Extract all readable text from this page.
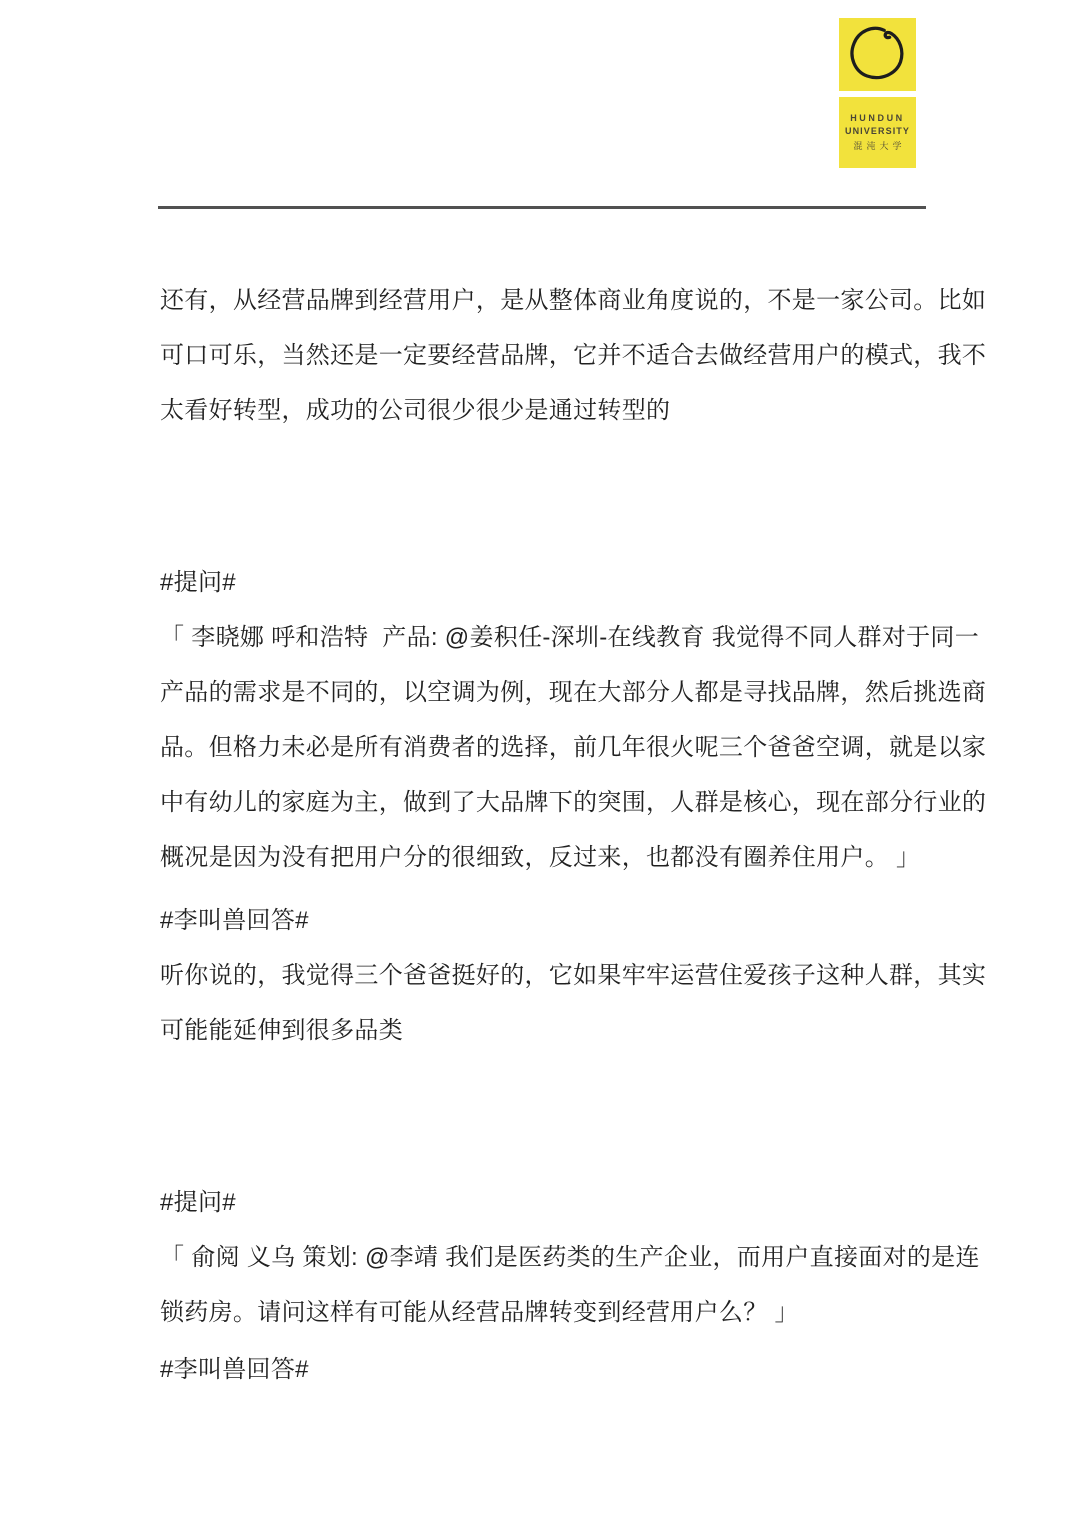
HUNDUN
UNIVERSITY
混沌大学
还有，从经营品牌到经营用户，是从整体商业角度说的，不是一家公司。比如
可口可乐，当然还是一定要经营品牌，它并不适合去做经营用户的模式，我不
太看好转型，成功的公司很少很少是通过转型的
#提问#
「 李晓娜 呼和浩特  产品: @姜积任-深圳-在线教育 我觉得不同人群对于同一
产品的需求是不同的，以空调为例，现在大部分人都是寻找品牌，然后挑选商
品。但格力未必是所有消费者的选择，前几年很火呢三个爸爸空调，就是以家
中有幼儿的家庭为主，做到了大品牌下的突围，人群是核心，现在部分行业的
概况是因为没有把用户分的很细致，反过来，也都没有圈养住用户。 」
#李叫兽回答#
听你说的，我觉得三个爸爸挺好的，它如果牢牢运营住爱孩子这种人群，其实
可能能延伸到很多品类
#提问#
「 俞阅 义乌 策划: @李靖 我们是医药类的生产企业，而用户直接面对的是连
锁药房。请问这样有可能从经营品牌转变到经营用户么？ 」
#李叫兽回答#
